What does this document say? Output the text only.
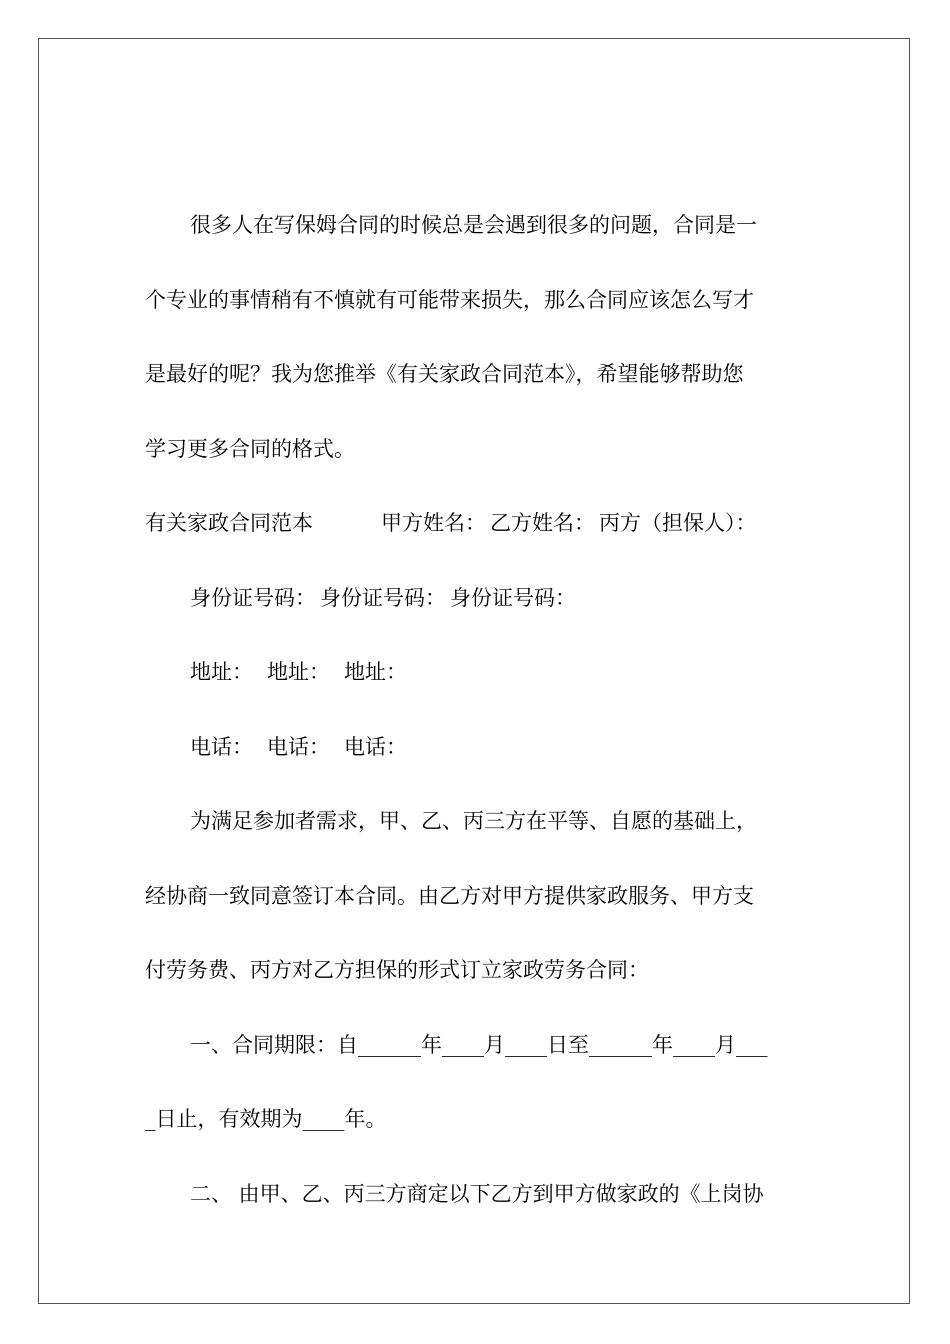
很多人在写保姆合同的时候总是会遇到很多的问题，合同是一
个专业的事情稍有不慎就有可能带来损失，那么合同应该怎么写才
是最好的呢？我为您推举《有关家政合同范本》，希望能够帮助您
学习更多合同的格式。
有关家政合同范本	甲方姓名： 乙方姓名： 丙方（担保人）：
身份证号码： 身份证号码： 身份证号码：
地址： 地址： 地址：
电话： 电话： 电话：
为满足参加者需求，甲、乙、丙三方在平等、自愿的基础上，
经协商一致同意签订本合同。由乙方对甲方提供家政服务、甲方支
付劳务费、丙方对乙方担保的形式订立家政劳务合同：
一、合同期限：自______年____月____日至______年____月___
_日止，有效期为____年。
二、 由甲、乙、丙三方商定以下乙方到甲方做家政的《上岗协
